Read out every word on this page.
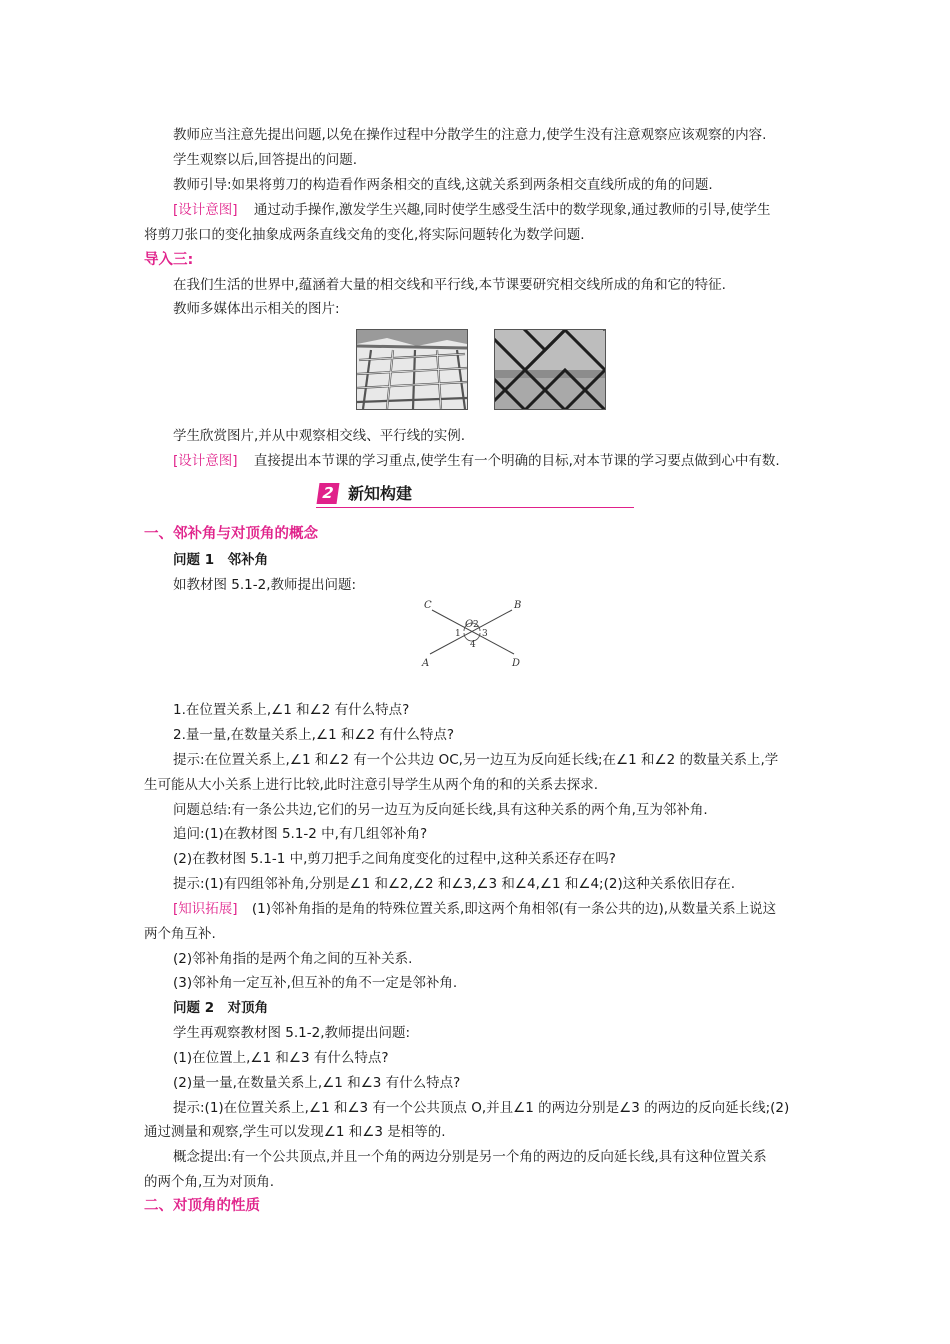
教师应当注意先提出问题,以免在操作过程中分散学生的注意力,使学生没有注意观察应该观察的内容.
学生观察以后,回答提出的问题.
教师引导:如果将剪刀的构造看作两条相交的直线,这就关系到两条相交直线所成的角的问题.
[设计意图] 通过动手操作,激发学生兴趣,同时使学生感受生活中的数学现象,通过教师的引导,使学生
将剪刀张口的变化抽象成两条直线交角的变化,将实际问题转化为数学问题.
导入三:
在我们生活的世界中,蕴涵着大量的相交线和平行线,本节课要研究相交线所成的角和它的特征.
教师多媒体出示相关的图片:
学生欣赏图片,并从中观察相交线、平行线的实例.
[设计意图] 直接提出本节课的学习重点,使学生有一个明确的目标,对本节课的学习要点做到心中有数.
2 新知构建
一、邻补角与对顶角的概念
问题 1　邻补角
如教材图 5.1-2,教师提出问题:
C	B
A	D
O 2
1 3
4
1.在位置关系上,∠1 和∠2 有什么特点?
2.量一量,在数量关系上,∠1 和∠2 有什么特点?
提示:在位置关系上,∠1 和∠2 有一个公共边 OC,另一边互为反向延长线;在∠1 和∠2 的数量关系上,学
生可能从大小关系上进行比较,此时注意引导学生从两个角的和的关系去探求.
问题总结:有一条公共边,它们的另一边互为反向延长线,具有这种关系的两个角,互为邻补角.
追问:(1)在教材图 5.1-2 中,有几组邻补角?
(2)在教材图 5.1-1 中,剪刀把手之间角度变化的过程中,这种关系还存在吗?
提示:(1)有四组邻补角,分别是∠1 和∠2,∠2 和∠3,∠3 和∠4,∠1 和∠4;(2)这种关系依旧存在.
[知识拓展] (1)邻补角指的是角的特殊位置关系,即这两个角相邻(有一条公共的边),从数量关系上说这
两个角互补.
(2)邻补角指的是两个角之间的互补关系.
(3)邻补角一定互补,但互补的角不一定是邻补角.
问题 2　对顶角
学生再观察教材图 5.1-2,教师提出问题:
(1)在位置上,∠1 和∠3 有什么特点?
(2)量一量,在数量关系上,∠1 和∠3 有什么特点?
提示:(1)在位置关系上,∠1 和∠3 有一个公共顶点 O,并且∠1 的两边分别是∠3 的两边的反向延长线;(2)
通过测量和观察,学生可以发现∠1 和∠3 是相等的.
概念提出:有一个公共顶点,并且一个角的两边分别是另一个角的两边的反向延长线,具有这种位置关系
的两个角,互为对顶角.
二、对顶角的性质
